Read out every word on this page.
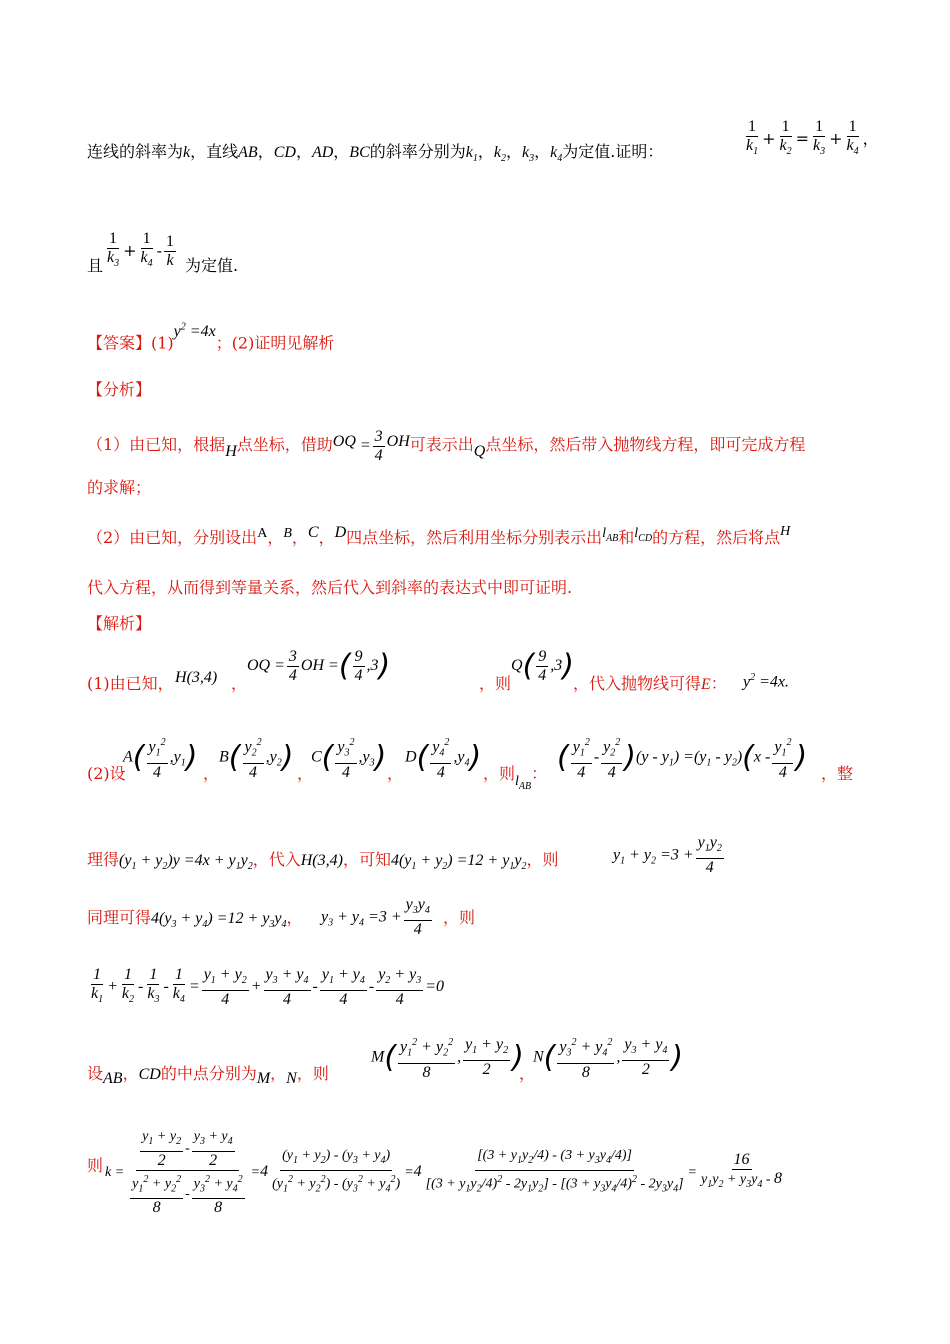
连线的斜率为k，直线AB，CD，AD，BC的斜率分别为$k_1$，$k_2$，$k_3$，$k_4$为定值.证明：	$\frac{1}{k_1} + \frac{1}{k_2} = \frac{1}{k_3} + \frac{1}{k_4}$ ，
且 $\frac{1}{k_3} + \frac{1}{k_4} - \frac{1}{k}$ 为定值.
【答案】$(1)y^2 =4x$；(2)证明见解析
【分析】
（1）由已知，根据H点坐标，借助OQ = $\frac{3}{4}$ OH可表示出Q点坐标，然后带入抛物线方程，即可完成方程
的求解；
（2）由已知，分别设出A，B，C，D四点坐标，然后利用坐标分别表示出$l_{AB}$和$l_{CD}$的方程，然后将点H
代入方程，从而得到等量关系，然后代入到斜率的表达式中即可证明.
【解析】
(1)由已知， H(3,4) ，
OQ = $\frac{3}{4}$ OH =( $\frac{9}{4} ,3$)	，则
$Q( \frac{9}{4} ,3)$ ，代入抛物线可得E： $y^2 =4x$.
(2)设
$A( \frac{y_1^2}{4} ,y_1)$ ，
$B( \frac{y_2^2}{4} ,y_2)$ ，
$C( \frac{y_3^2}{4} ,y_3)$ ，
$D( \frac{y_4^2}{4} ,y_4)$ ，则$l_{AB}$： ( $\frac{y_1^2}{4} - \frac{y_2^2}{4} )(y - y_1) =(y_1 - y_2)(x - \frac{y_1^2}{4}$ ) ，整
理得$(y_1 + y_2)y =4x + y_1y_2$，代入H(3,4)，可知$4(y_1 + y_2) =12 + y_1y_2$，则	$y_1 + y_2 =3 + \frac{y_1y_2}{4}$
同理可得$4(y_3 + y_4) =12 + y_3y_4$， $y_3 + y_4 =3 + \frac{y_3y_4}{4}$ ，则
$\frac{1}{k_1} + \frac{1}{k_2} - \frac{1}{k_3} - \frac{1}{k_4} = \frac{y_1 + y_2}{4} + \frac{y_3 + y_4}{4} - \frac{y_1 + y_4}{4} - \frac{y_2 + y_3}{4} =0$
设AB，CD的中点分别为M，N，则
$M( \frac{y_1^2 + y_2^2}{8}$ , $\frac{y_1 + y_2}{2}$ )
，
$N( \frac{y_3^2 + y_4^2}{8}$ , $\frac{y_3 + y_4}{2}$ )
则 $k = \frac{\frac{y_1 + y_2}{2} - \frac{y_3 + y_4}{2}}{\frac{y_1^2 + y_2^2}{8} - \frac{y_3^2 + y_4^2}{8}} =4 \frac{(y_1 + y_2) - (y_3 + y_4)}{(y_1^2 + y_2^2) - (y_3^2 + y_4^2)} =4 \frac{[(3 + y_1y_2/4) - (3 + y_3y_4/4)]}{[(3 + y_1y_2/4)^2 - 2y_1y_2] - [(3 + y_3y_4/4)^2 - 2y_3y_4]} = \frac{16}{y_1y_2 + y_3y_4 - 8}$
